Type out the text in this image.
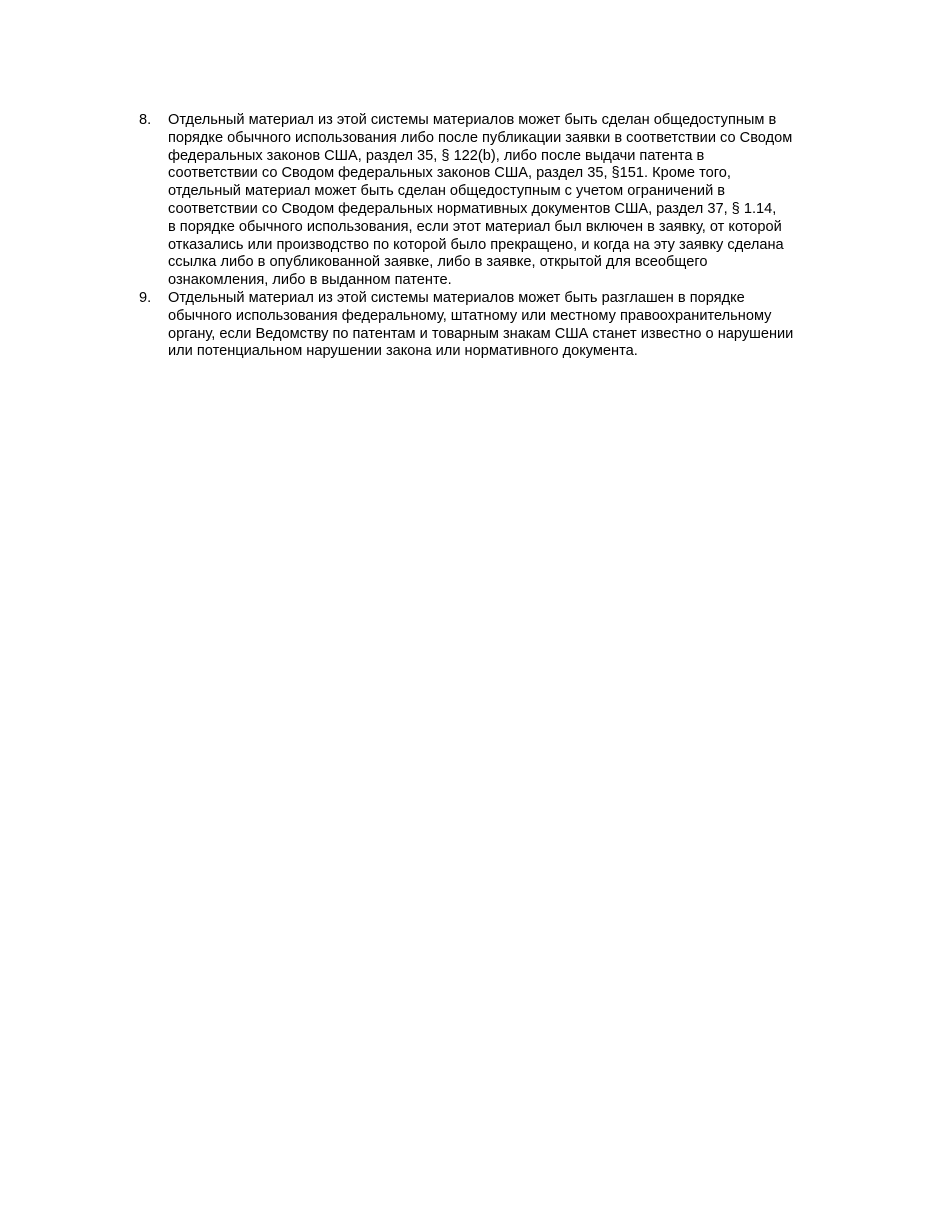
8.	Отдельный материал из этой системы материалов может быть сделан общедоступным в
порядке обычного использования либо после публикации заявки в соответствии со Сводом
федеральных законов США, раздел 35, § 122(b), либо после выдачи патента в
соответствии со Сводом федеральных законов США, раздел 35, §151. Кроме того,
отдельный материал может быть сделан общедоступным с учетом ограничений в
соответствии со Сводом федеральных нормативных документов США, раздел 37, § 1.14,
в порядке обычного использования, если этот материал был включен в заявку, от которой
отказались или производство по которой было прекращено, и когда на эту заявку сделана
ссылка либо в опубликованной заявке, либо в заявке, открытой для всеобщего
ознакомления, либо в выданном патенте.
9.	Отдельный материал из этой системы материалов может быть разглашен в порядке
обычного использования федеральному, штатному или местному правоохранительному
органу, если Ведомству по патентам и товарным знакам США станет известно о нарушении
или потенциальном нарушении закона или нормативного документа.
